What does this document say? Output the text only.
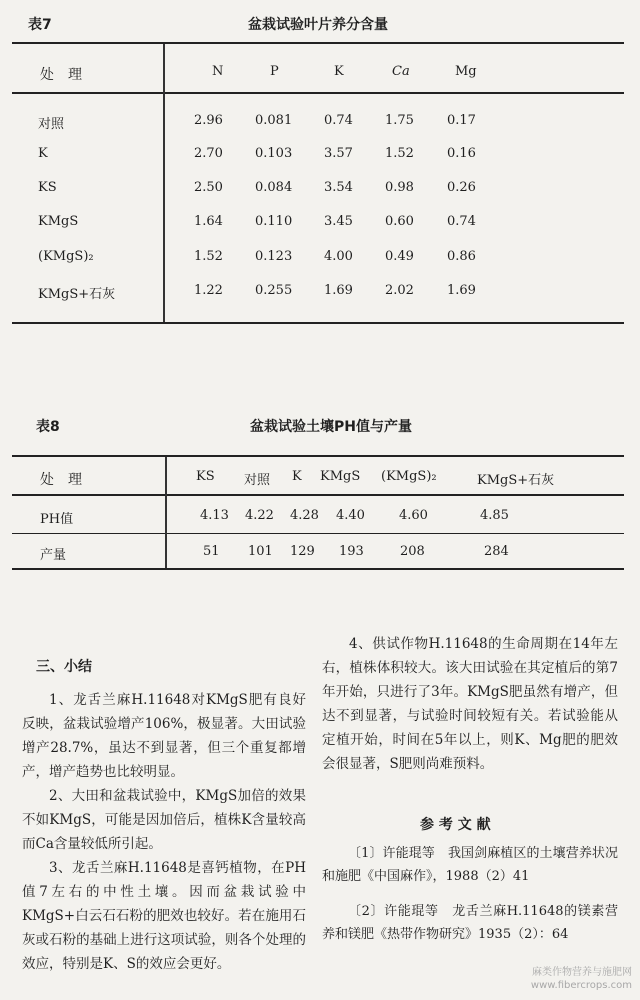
表7	盆栽试验叶片养分含量
处　理	N	P	K	Ca	Mg
对照	2.96 0.081 0.74 1.75	0.17
K	2.70 0.103 3.57 1.52	0.16
KS	2.50 0.084 3.54 0.98	0.26
KMgS	1.64 0.110 3.45 0.60	0.74
(KMgS)₂	1.52 0.123 4.00 0.49	0.86
KMgS+石灰	1.22 0.255 1.69 2.02	1.69
表8	盆栽试验土壤PH值与产量
处　理	KS 对照 K KMgS (KMgS)₂	KMgS+石灰
PH值	4.13 4.22 4.28 4.40	4.60	4.85
产量	51 101 129 193	208	284
三、小结

1、龙舌兰麻H.11648对KMgS肥有良好反映，盆栽试验增产106%，极显著。大田试验增产28.7%，虽达不到显著，但三个重复都增产，增产趋势也比较明显。

2、大田和盆栽试验中，KMgS加倍的效果不如KMgS，可能是因加倍后，植株K含量较高而Ca含量较低所引起。

3、龙舌兰麻H.11648是喜钙植物，在PH值7左右的中性土壤。因而盆栽试验中KMgS+白云石石粉的肥效也较好。若在施用石灰或石粉的基础上进行这项试验，则各个处理的效应，特别是K、S的效应会更好。

4、供试作物H.11648的生命周期在14年左右，植株体积较大。该大田试验在其定植后的第7年开始，只进行了3年。KMgS肥虽然有增产，但达不到显著，与试验时间较短有关。若试验能从定植开始，时间在5年以上，则K、Mg肥的肥效会很显著，S肥则尚难预料。

参 考 文 献

〔1〕许能琨等　我国剑麻植区的土壤营养状况和施肥《中国麻作》，1988（2）41

〔2〕许能琨等　龙舌兰麻H.11648的镁素营养和镁肥《热带作物研究》1935（2）：64

麻类作物营养与施肥网
www.fibercrops.com
